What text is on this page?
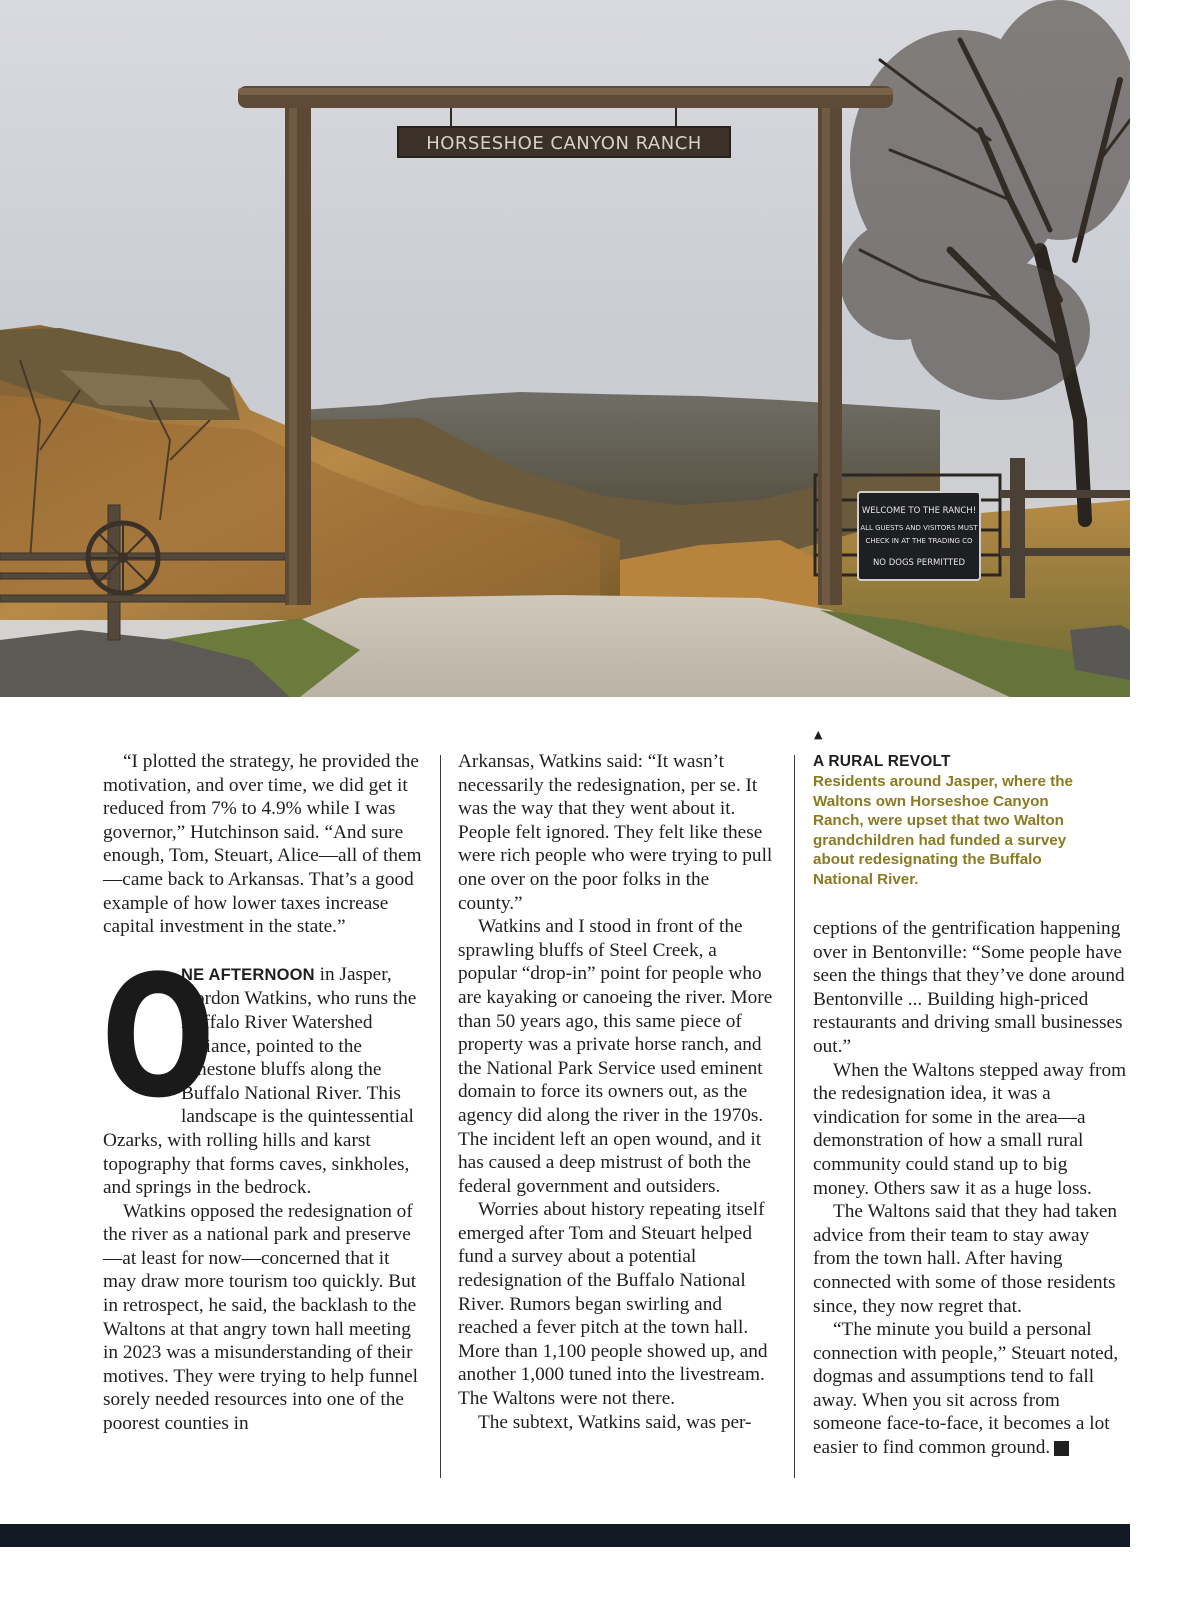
WELCOME TO THE RANCH!
ALL GUESTS AND VISITORS MUST
CHECK IN AT THE TRADING CO
NO DOGS PERMITTED
HORSESHOE CANYON RANCH
▲
A RURAL REVOLT
Residents around Jasper, where the Waltons own Horseshoe Canyon Ranch, were upset that two Walton grandchildren had funded a survey about redesignating the Buffalo National River.

“I plotted the strategy, he provided the motivation, and over time, we did get it reduced from 7% to 4.9% while I was governor,” Hutchinson said. “And sure enough, Tom, Steuart, Alice—all of them—came back to Arkansas. That’s a good example of how lower taxes increase capital investment in the state.”

O

NE AFTERNOON in Jasper, Gordon Watkins, who runs the Buffalo River Watershed Alliance, pointed to the limestone bluffs along the Buffalo National River. This landscape is the quintessential Ozarks, with rolling hills and karst topography that forms caves, sinkholes, and springs in the bedrock.

Watkins opposed the redesignation of the river as a national park and preserve—at least for now—concerned that it may draw more tourism too quickly. But in retrospect, he said, the backlash to the Waltons at that angry town hall meeting in 2023 was a misunderstanding of their motives. They were trying to help funnel sorely needed resources into one of the poorest counties in

Arkansas, Watkins said: “It wasn’t necessarily the redesignation, per se. It was the way that they went about it. People felt ignored. They felt like these were rich people who were trying to pull one over on the poor folks in the county.”

Watkins and I stood in front of the sprawling bluffs of Steel Creek, a popular “drop-in” point for people who are kayaking or canoeing the river. More than 50 years ago, this same piece of property was a private horse ranch, and the National Park Service used eminent domain to force its owners out, as the agency did along the river in the 1970s. The incident left an open wound, and it has caused a deep mistrust of both the federal government and outsiders.

Worries about history repeating itself emerged after Tom and Steuart helped fund a survey about a potential redesignation of the Buffalo National River. Rumors began swirling and reached a fever pitch at the town hall. More than 1,100 people showed up, and another 1,000 tuned into the livestream. The Waltons were not there.

The subtext, Watkins said, was per-

ceptions of the gentrification happening over in Bentonville: “Some people have seen the things that they’ve done around Bentonville ... Building high-priced restaurants and driving small businesses out.”

When the Waltons stepped away from the redesignation idea, it was a vindication for some in the area—a demonstration of how a small rural community could stand up to big money. Others saw it as a huge loss.

The Waltons said that they had taken advice from their team to stay away from the town hall. After having connected with some of those residents since, they now regret that.

“The minute you build a personal connection with people,” Steuart noted, dogmas and assumptions tend to fall away. When you sit across from someone face-to-face, it becomes a lot easier to find common ground. F
